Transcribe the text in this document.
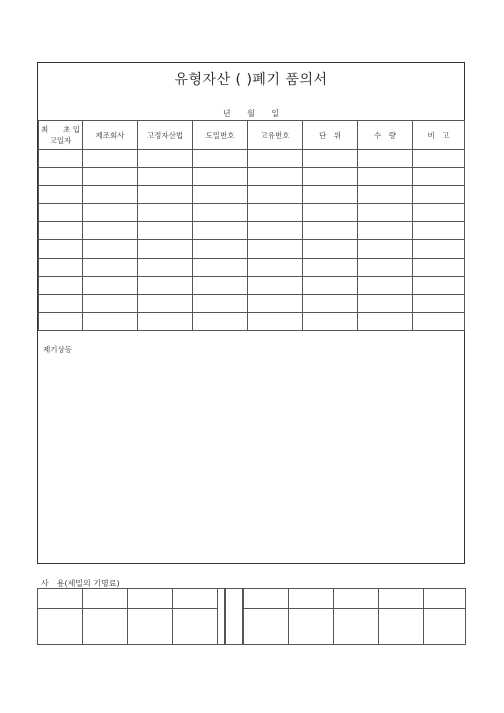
유형자산 ( )폐기 품의서
년 월 일
최　　초 입고일자	제조회사	고정자산법	도밀번호	고유번호	단　위	수　량	비　고

제기상등
사　용(세밀의 기명료)
